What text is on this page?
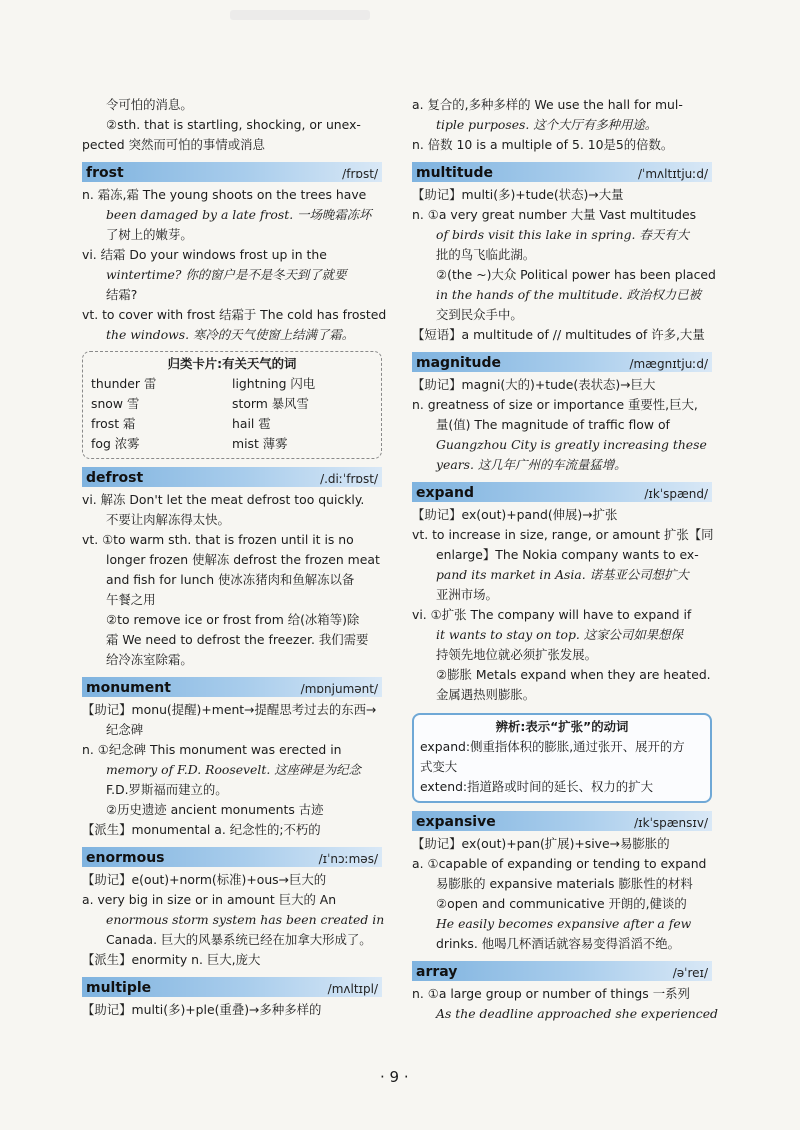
令可怕的消息。

②sth. that is startling, shocking, or unex-

pected 突然而可怕的事情或消息

frost	/frɒst/

n. 霜冻,霜 The young shoots on the trees have

been damaged by a late frost. 一场晚霜冻坏

了树上的嫩芽。

vi. 结霜 Do your windows frost up in the

wintertime? 你的窗户是不是冬天到了就要

结霜?

vt. to cover with frost 结霜于 The cold has frosted

the windows. 寒冷的天气使窗上结满了霜。

归类卡片:有关天气的词
thunder 雷	lightning 闪电
snow 雪	storm 暴风雪
frost 霜	hail 雹
fog 浓雾	mist 薄雾
defrost	/.diːˈfrɒst/

vi. 解冻 Don't let the meat defrost too quickly.

不要让肉解冻得太快。

vt. ①to warm sth. that is frozen until it is no

longer frozen 使解冻 defrost the frozen meat

and fish for lunch 使冰冻猪肉和鱼解冻以备

午餐之用

②to remove ice or frost from 给(冰箱等)除

霜 We need to defrost the freezer. 我们需要

给冷冻室除霜。

monument	/mɒnjumənt/

【助记】monu(提醒)+ment→提醒思考过去的东西→

纪念碑

n. ①纪念碑 This monument was erected in

memory of F.D. Roosevelt. 这座碑是为纪念

F.D.罗斯福而建立的。

②历史遗迹 ancient monuments 古迹

【派生】monumental a. 纪念性的;不朽的

enormous	/ɪˈnɔːməs/

【助记】e(out)+norm(标准)+ous→巨大的

a. very big in size or in amount 巨大的 An

enormous storm system has been created in

Canada. 巨大的风暴系统已经在加拿大形成了。

【派生】enormity n. 巨大,庞大

multiple	/mʌltɪpl/

【助记】multi(多)+ple(重叠)→多种多样的

a. 复合的,多种多样的 We use the hall for mul-

tiple purposes. 这个大厅有多种用途。

n. 倍数 10 is a multiple of 5. 10是5的倍数。

multitude	/ˈmʌltɪtjuːd/

【助记】multi(多)+tude(状态)→大量

n. ①a very great number 大量 Vast multitudes

of birds visit this lake in spring. 春天有大

批的鸟飞临此湖。

②(the ~)大众 Political power has been placed

in the hands of the multitude. 政治权力已被

交到民众手中。

【短语】a multitude of // multitudes of 许多,大量

magnitude	/mægnɪtjuːd/

【助记】magni(大的)+tude(表状态)→巨大

n. greatness of size or importance 重要性,巨大,

量(值) The magnitude of traffic flow of

Guangzhou City is greatly increasing these

years. 这几年广州的车流量猛增。

expand	/ɪkˈspænd/

【助记】ex(out)+pand(伸展)→扩张

vt. to increase in size, range, or amount 扩张【同

enlarge】The Nokia company wants to ex-

pand its market in Asia. 诺基亚公司想扩大

亚洲市场。

vi. ①扩张 The company will have to expand if

it wants to stay on top. 这家公司如果想保

持领先地位就必须扩张发展。

②膨胀 Metals expand when they are heated.

金属遇热则膨胀。

辨析:表示“扩张”的动词

expand:侧重指体积的膨胀,通过张开、展开的方

式变大

extend:指道路或时间的延长、权力的扩大

expansive	/ɪkˈspænsɪv/

【助记】ex(out)+pan(扩展)+sive→易膨胀的

a. ①capable of expanding or tending to expand

易膨胀的 expansive materials 膨胀性的材料

②open and communicative 开朗的,健谈的

He easily becomes expansive after a few

drinks. 他喝几杯酒话就容易变得滔滔不绝。

array	/əˈreɪ/

n. ①a large group or number of things 一系列

As the deadline approached she experienced

· 9 ·
